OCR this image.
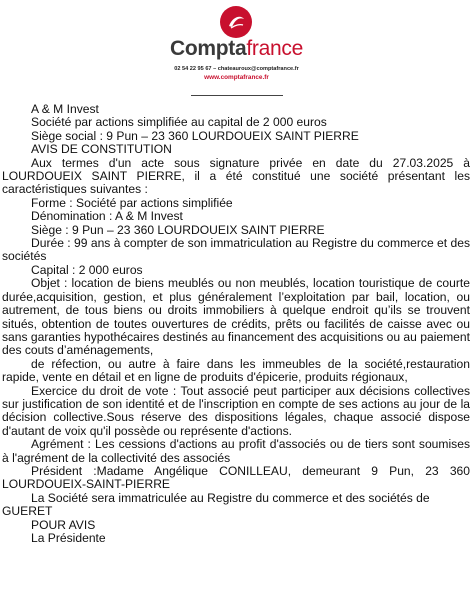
Comptafrance
02 54 22 95 67 – chateauroux@comptafrance.fr
www.comptafrance.fr

A & M Invest

Société par actions simplifiée au capital de 2 000 euros

Siège social : 9 Pun – 23 360 LOURDOUEIX SAINT PIERRE

AVIS DE CONSTITUTION

Aux termes d'un acte sous signature privée en date du 27.03.2025 à LOURDOUEIX SAINT PIERRE, il a été constitué une société présentant les caractéristiques suivantes :

Forme : Société par actions simplifiée

Dénomination : A & M Invest

Siège : 9 Pun – 23 360 LOURDOUEIX SAINT PIERRE

Durée : 99 ans à compter de son immatriculation au Registre du commerce et des sociétés

Capital : 2 000 euros

Objet : location de biens meublés ou non meublés, location touristique de courte durée,acquisition, gestion, et plus généralement l’exploitation par bail, location, ou autrement, de tous biens ou droits immobiliers à quelque endroit qu’ils se trouvent situés, obtention de toutes ouvertures de crédits, prêts ou facilités de caisse avec ou sans garanties hypothécaires destinés au financement des acquisitions ou au paiement des couts d’aménagements,

de réfection, ou autre à faire dans les immeubles de la société,restauration rapide, vente en détail et en ligne de produits d'épicerie, produits régionaux,

Exercice du droit de vote : Tout associé peut participer aux décisions collectives sur justification de son identité et de l'inscription en compte de ses actions au jour de la décision collective.Sous réserve des dispositions légales, chaque associé dispose d'autant de voix qu'il possède ou représente d'actions.

Agrément : Les cessions d'actions au profit d'associés ou de tiers sont soumises à l'agrément de la collectivité des associés

Président :Madame Angélique CONILLEAU, demeurant 9 Pun, 23 360 LOURDOUEIX-SAINT-PIERRE

La Société sera immatriculée au Registre du commerce et des sociétés de GUERET

POUR AVIS

La Présidente
